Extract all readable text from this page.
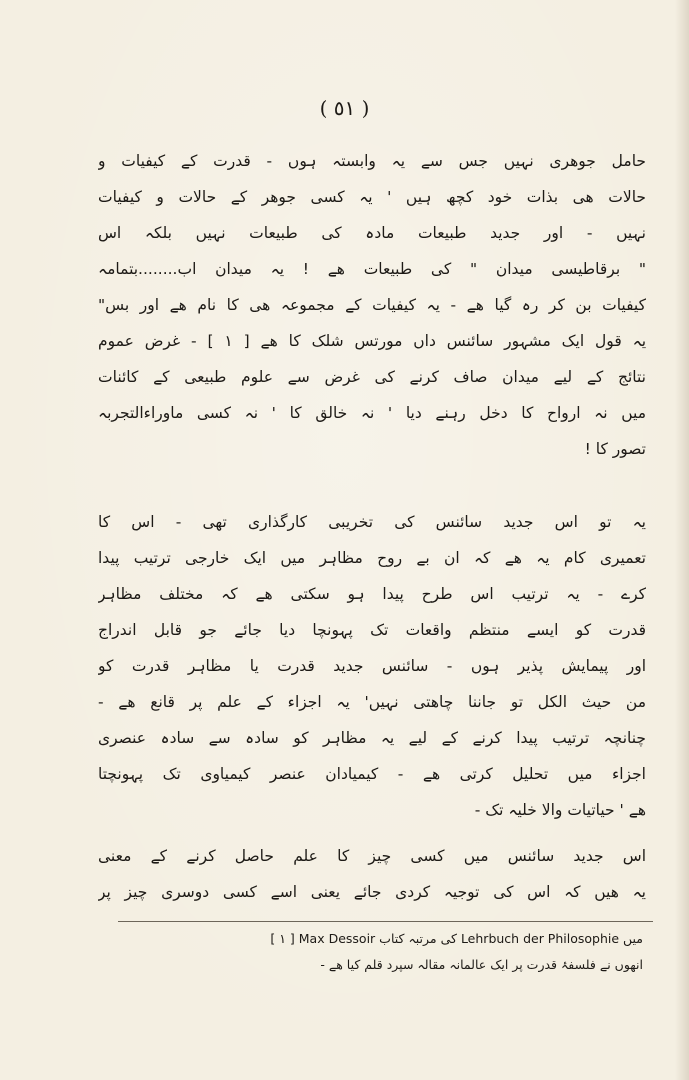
( ٥١ )
حامل جوھری نہیں جس سے یہ وابستہ ہوں - قدرت کے کیفیات و
حالات ھی بذات خود کچھ ہیں ' یہ کسی جوھر کے حالات و کیفیات
نہیں - اور جدید طبیعات مادہ کی طبیعات نہیں بلکہ اس
" برقاطیسی میدان " کی طبیعات ھے ! یہ میدان اب........بتمامہ
کیفیات بن کر رہ گیا ھے - یہ کیفیات کے مجموعہ ھی کا نام ھے اور بس"
یہ قول ایک مشہور سائنس داں مورتس شلک کا ھے [ ١ ] - غرض عموم
نتائج کے لیے میدان صاف کرنے کی غرض سے علوم طبیعی کے کائنات
میں نہ ارواح کا دخل رہنے دیا ' نہ خالق کا ' نہ کسی ماوراءالتجربہ
تصور کا !
یہ تو اس جدید سائنس کی تخریبی کارگذاری تھی - اس کا
تعمیری کام یہ ھے کہ ان بے روح مظاہر میں ایک خارجی ترتیب پیدا
کرے - یہ ترتیب اس طرح پیدا ہو سکتی ھے کہ مختلف مظاہر
قدرت کو ایسے منتظم واقعات تک پہونچا دیا جائے جو قابل اندراج
اور پیمایش پذیر ہوں - سائنس جدید قدرت یا مظاہر قدرت کو
من حیث الکل تو جاننا چاھتی نہیں' یہ اجزاء کے علم پر قانع ھے -
چنانچہ ترتیب پیدا کرنے کے لیے یہ مظاہر کو سادہ سے سادہ عنصری
اجزاء میں تحلیل کرتی ھے - کیمیادان عنصر کیمیاوی تک پہونچتا
ھے ' حیاتیات والا خلیہ تک -
اس جدید سائنس میں کسی چیز کا علم حاصل کرنے کے معنی
یہ ھیں کہ اس کی توجیہ کردی جائے یعنی اسے کسی دوسری چیز پر
[ ١ ] Max Dessoir کی مرتبہ کتاب Lehrbuch der Philosophie میں
انھوں نے فلسفۂ قدرت پر ایک عالمانہ مقالہ سپرد قلم کیا ھے -
